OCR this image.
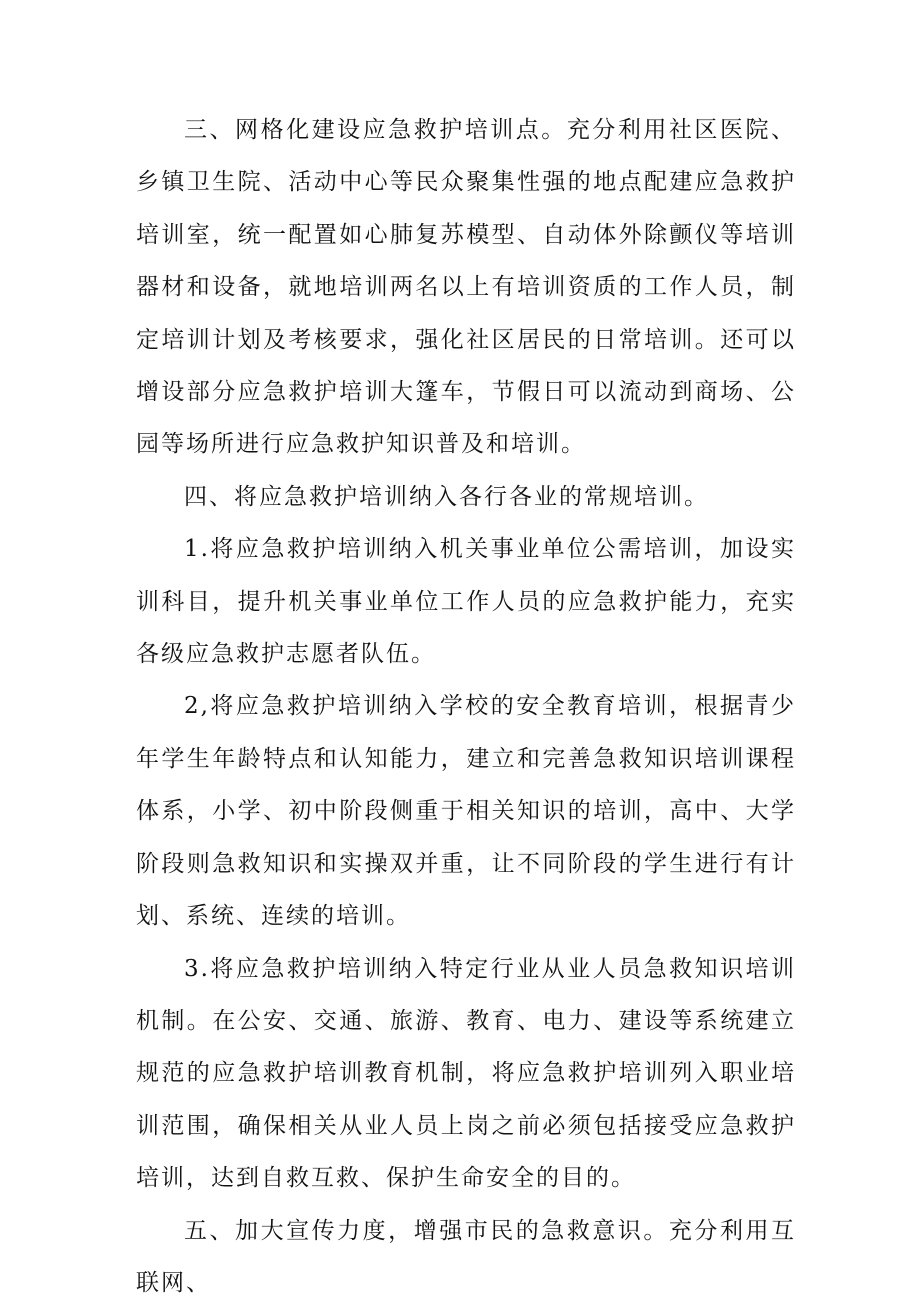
三、网格化建设应急救护培训点。充分利用社区医院、乡镇卫生院、活动中心等民众聚集性强的地点配建应急救护培训室，统一配置如心肺复苏模型、自动体外除颤仪等培训器材和设备，就地培训两名以上有培训资质的工作人员，制定培训计划及考核要求，强化社区居民的日常培训。还可以增设部分应急救护培训大篷车，节假日可以流动到商场、公园等场所进行应急救护知识普及和培训。

四、将应急救护培训纳入各行各业的常规培训。

1.将应急救护培训纳入机关事业单位公需培训，加设实训科目，提升机关事业单位工作人员的应急救护能力，充实各级应急救护志愿者队伍。

2,将应急救护培训纳入学校的安全教育培训，根据青少年学生年龄特点和认知能力，建立和完善急救知识培训课程体系，小学、初中阶段侧重于相关知识的培训，高中、大学阶段则急救知识和实操双并重，让不同阶段的学生进行有计划、系统、连续的培训。

3.将应急救护培训纳入特定行业从业人员急救知识培训机制。在公安、交通、旅游、教育、电力、建设等系统建立规范的应急救护培训教育机制，将应急救护培训列入职业培训范围，确保相关从业人员上岗之前必须包括接受应急救护培训，达到自救互救、保护生命安全的目的。

五、加大宣传力度，增强市民的急救意识。充分利用互联网、
